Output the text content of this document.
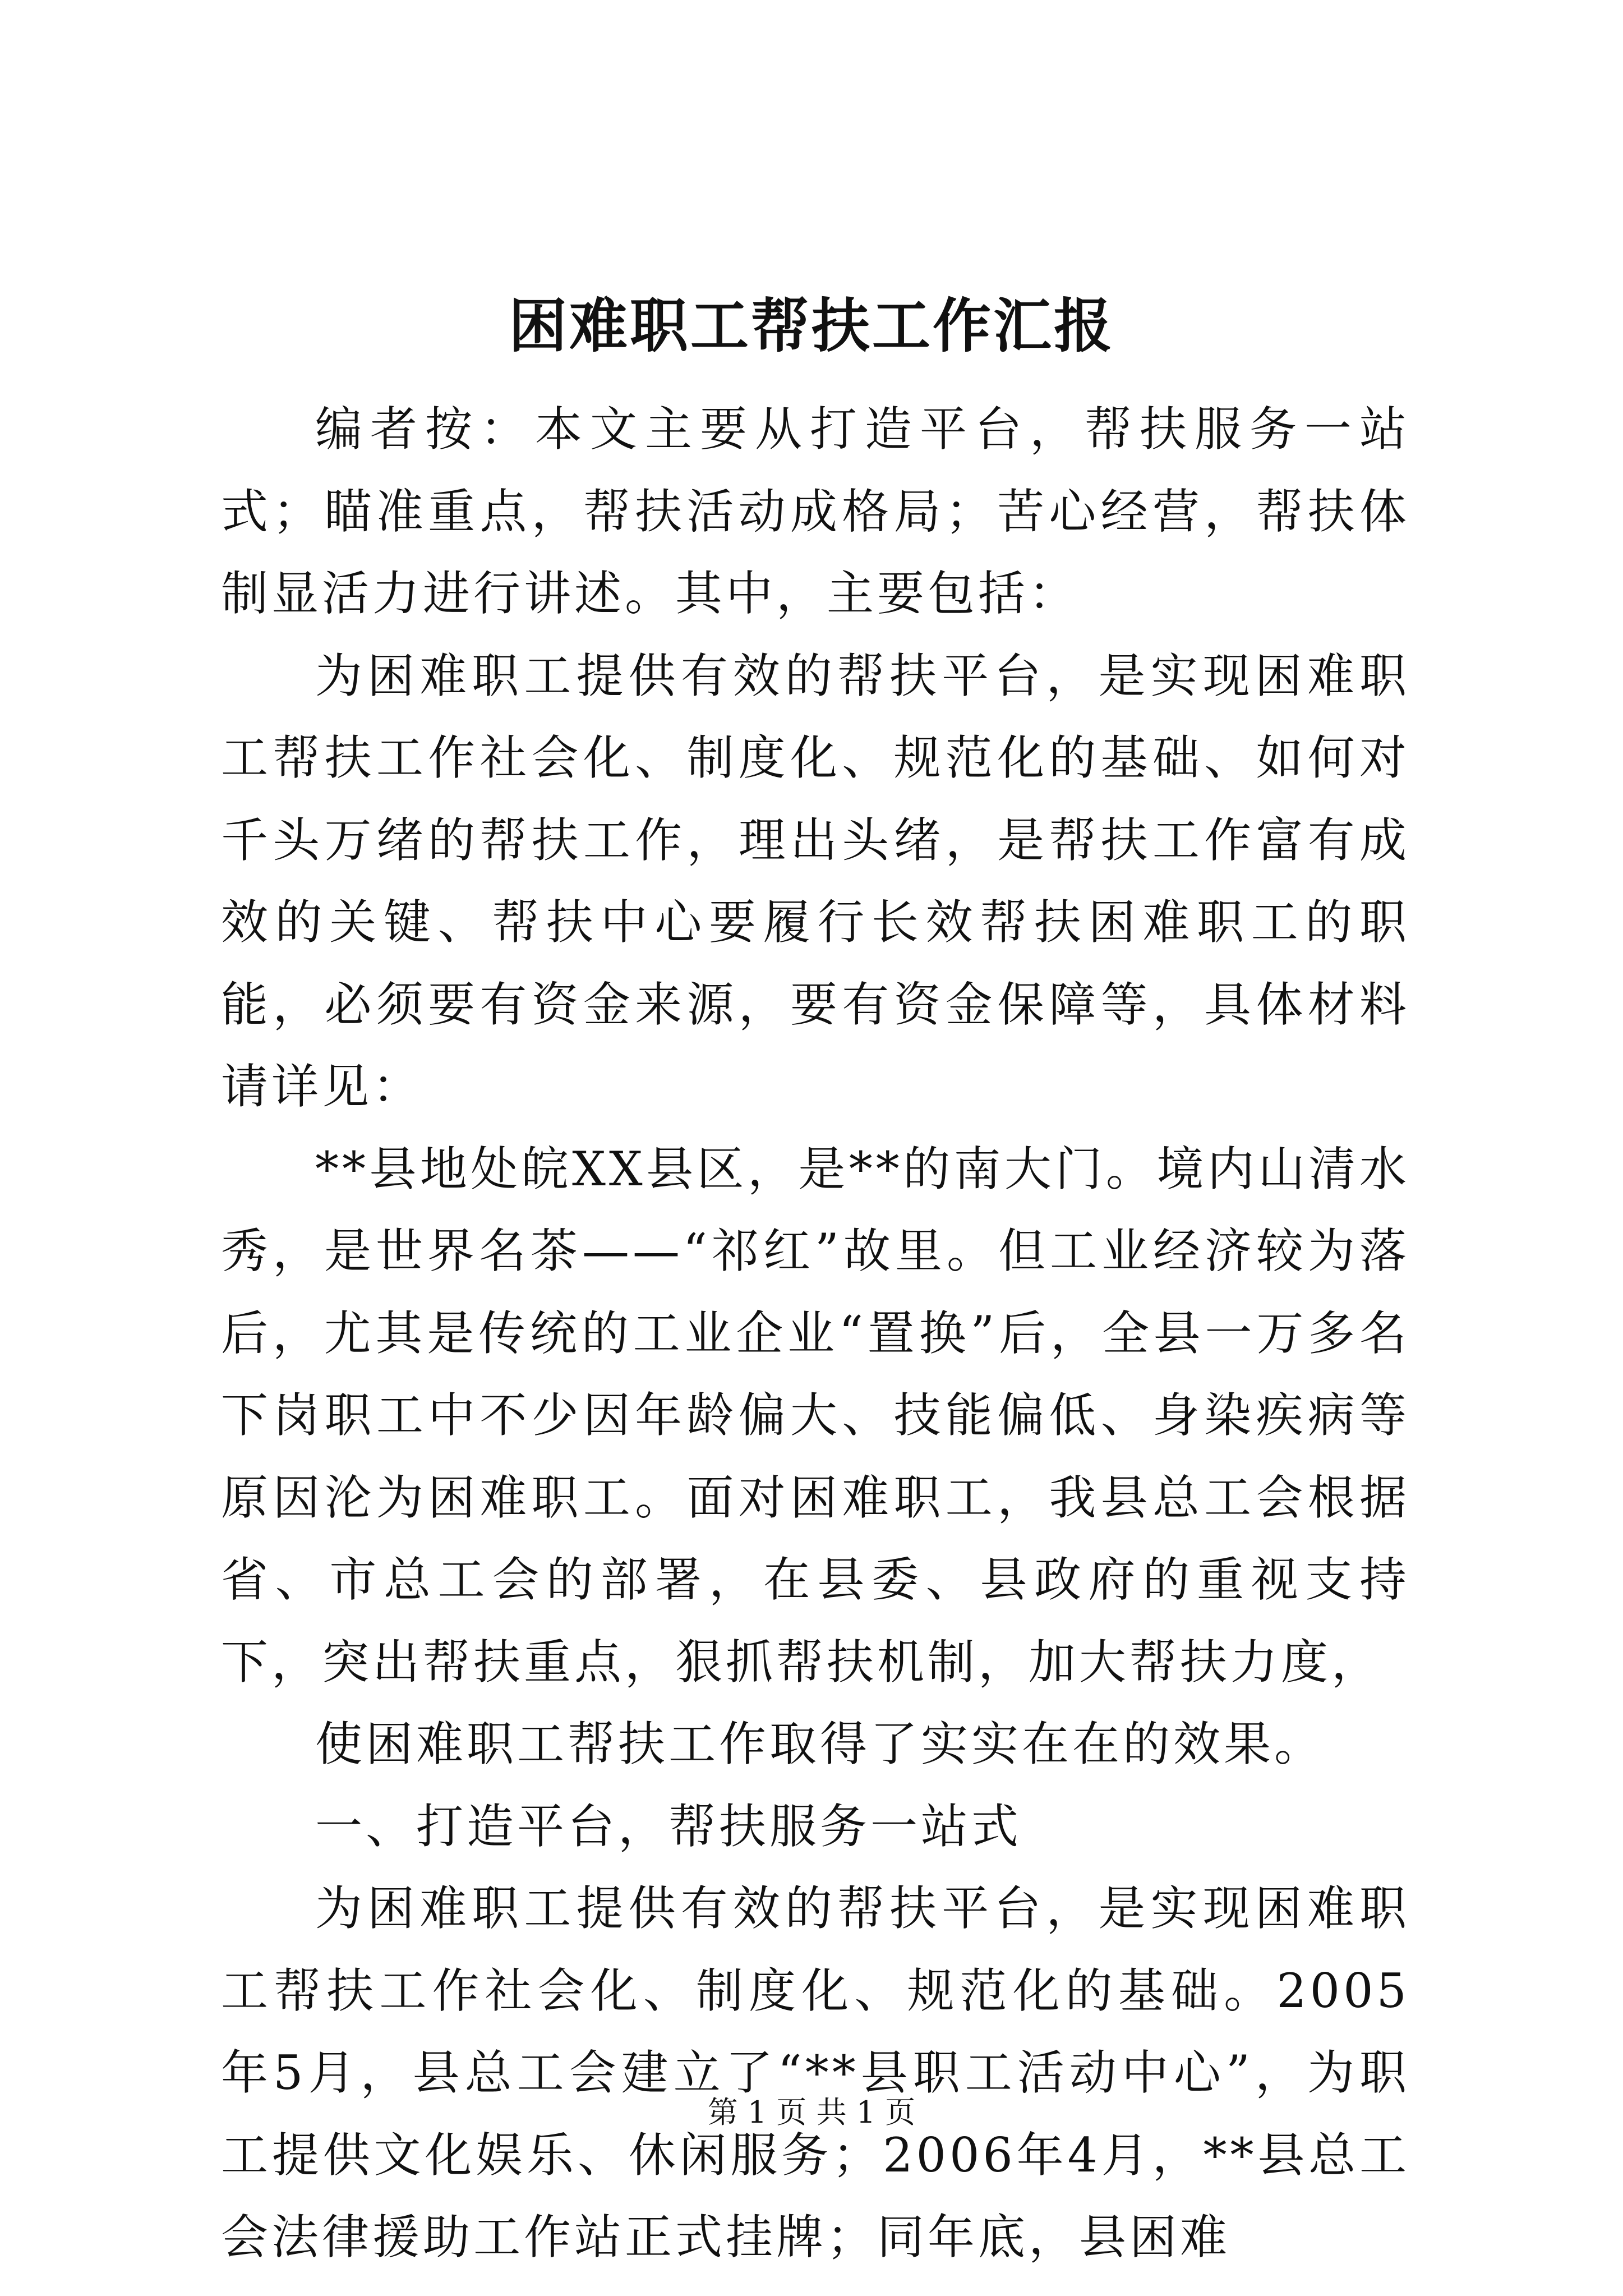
困难职工帮扶工作汇报

编者按：本文主要从打造平台，帮扶服务一站式；瞄准重点，帮扶活动成格局；苦心经营，帮扶体制显活力进行讲述。其中，主要包括：

为困难职工提供有效的帮扶平台，是实现困难职工帮扶工作社会化、制度化、规范化的基础、如何对千头万绪的帮扶工作，理出头绪，是帮扶工作富有成效的关键、帮扶中心要履行长效帮扶困难职工的职能，必须要有资金来源，要有资金保障等，具体材料请详见：

**县地处皖XX县区，是**的南大门。境内山清水秀，是世界名茶——“祁红”故里。但工业经济较为落后，尤其是传统的工业企业“置换”后，全县一万多名下岗职工中不少因年龄偏大、技能偏低、身染疾病等原因沦为困难职工。面对困难职工，我县总工会根据省、市总工会的部署，在县委、县政府的重视支持下，突出帮扶重点，狠抓帮扶机制，加大帮扶力度，

使困难职工帮扶工作取得了实实在在的效果。

一、打造平台，帮扶服务一站式

为困难职工提供有效的帮扶平台，是实现困难职工帮扶工作社会化、制度化、规范化的基础。2005年5月，县总工会建立了“**县职工活动中心”，为职工提供文化娱乐、休闲服务；2006年4月，**县总工会法律援助工作站正式挂牌；同年底，县困难

第 1 页 共 1 页
